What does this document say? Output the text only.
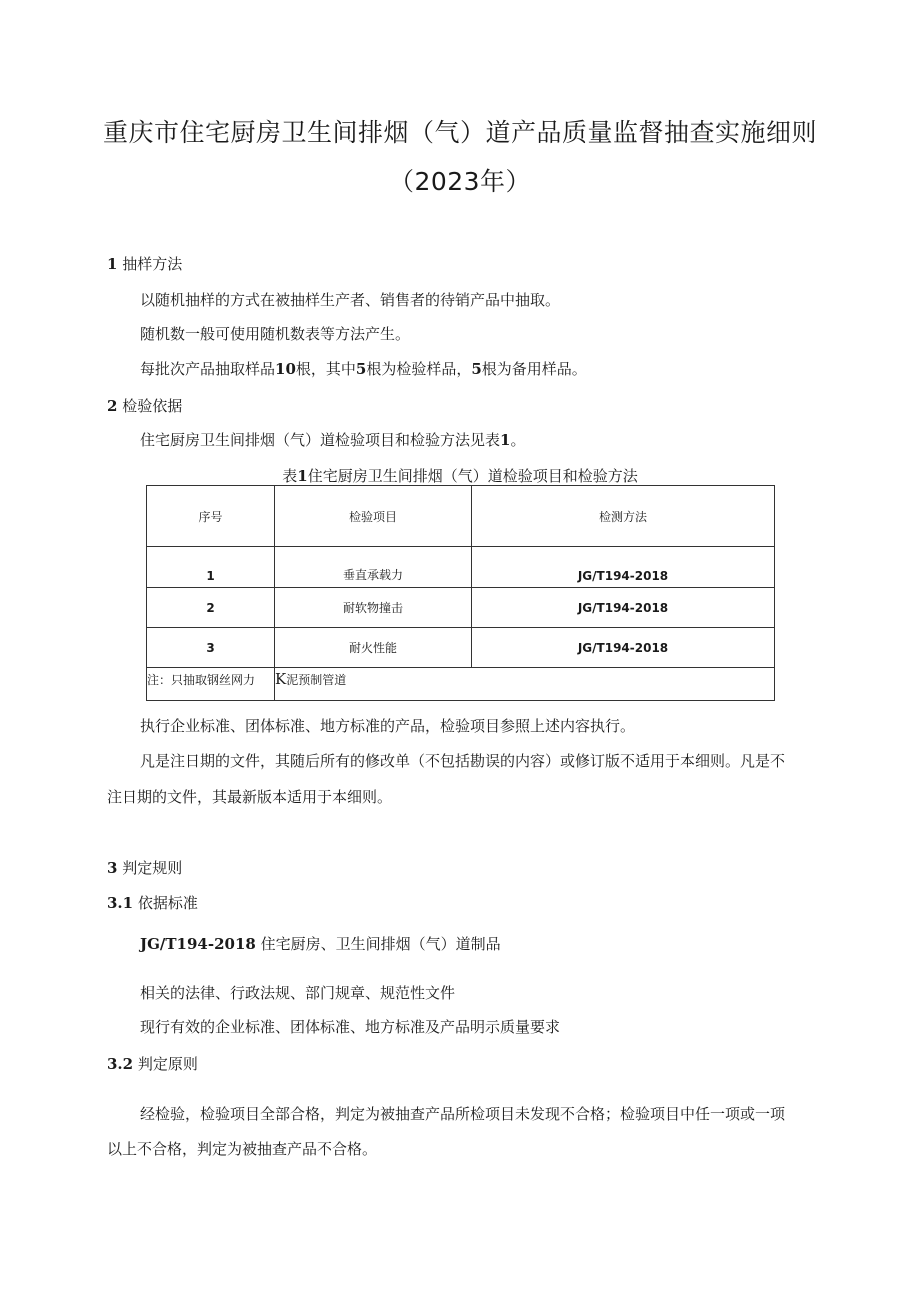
重庆市住宅厨房卫生间排烟（气）道产品质量监督抽查实施细则
（2023年）
1 抽样方法
以随机抽样的方式在被抽样生产者、销售者的待销产品中抽取。
随机数一般可使用随机数表等方法产生。
每批次产品抽取样品10根，其中5根为检验样品，5根为备用样品。
2 检验依据
住宅厨房卫生间排烟（气）道检验项目和检验方法见表1。
表1住宅厨房卫生间排烟（气）道检验项目和检验方法
序号	检验项目	检测方法
1	垂直承载力	JG/T194-2018
2	耐软物撞击	JG/T194-2018
3	耐火性能	JG/T194-2018
注：只抽取钢丝网力	K泥预制管道	
执行企业标准、团体标准、地方标准的产品，检验项目参照上述内容执行。
凡是注日期的文件，其随后所有的修改单（不包括勘误的内容）或修订版不适用于本细则。凡是不
注日期的文件，其最新版本适用于本细则。
3 判定规则
3.1 依据标准
JG/T194-2018 住宅厨房、卫生间排烟（气）道制品
相关的法律、行政法规、部门规章、规范性文件
现行有效的企业标准、团体标准、地方标准及产品明示质量要求
3.2 判定原则
经检验，检验项目全部合格，判定为被抽查产品所检项目未发现不合格；检验项目中任一项或一项
以上不合格，判定为被抽查产品不合格。
